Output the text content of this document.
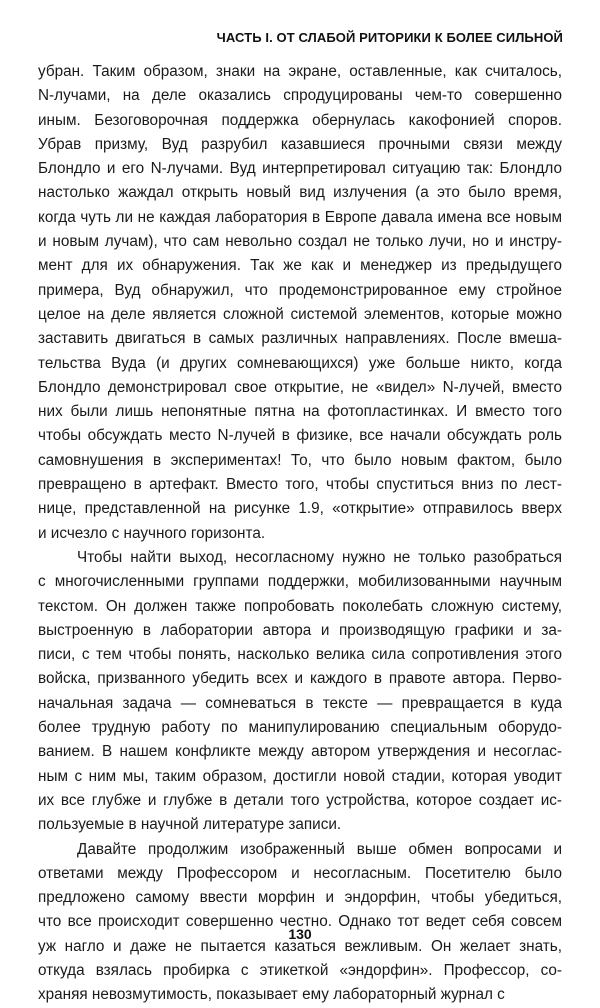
ЧАСТЬ I. ОТ СЛАБОЙ РИТОРИКИ К БОЛЕЕ СИЛЬНОЙ
убран. Таким образом, знаки на экране, оставленные, как считалось,
N-лучами, на деле оказались спродуцированы чем-то совершенно
иным. Безоговорочная поддержка обернулась какофонией споров.
Убрав призму, Вуд разрубил казавшиеся прочными связи между
Блондло и его N-лучами. Вуд интерпретировал ситуацию так: Блондло
настолько жаждал открыть новый вид излучения (а это было время,
когда чуть ли не каждая лаборатория в Европе давала имена все новым
и новым лучам), что сам невольно создал не только лучи, но и инстру-
мент для их обнаружения. Так же как и менеджер из предыдущего
примера, Вуд обнаружил, что продемонстрированное ему стройное
целое на деле является сложной системой элементов, которые можно
заставить двигаться в самых различных направлениях. После вмеша-
тельства Вуда (и других сомневающихся) уже больше никто, когда
Блондло демонстрировал свое открытие, не «видел» N-лучей, вместо
них были лишь непонятные пятна на фотопластинках. И вместо того
чтобы обсуждать место N-лучей в физике, все начали обсуждать роль
самовнушения в экспериментах! То, что было новым фактом, было
превращено в артефакт. Вместо того, чтобы спуститься вниз по лест-
нице, представленной на рисунке 1.9, «открытие» отправилось вверх
и исчезло с научного горизонта.
Чтобы найти выход, несогласному нужно не только разобраться
с многочисленными группами поддержки, мобилизованными научным
текстом. Он должен также попробовать поколебать сложную систему,
выстроенную в лаборатории автора и производящую графики и за-
писи, с тем чтобы понять, насколько велика сила сопротивления этого
войска, призванного убедить всех и каждого в правоте автора. Перво-
начальная задача — сомневаться в тексте — превращается в куда
более трудную работу по манипулированию специальным оборудо-
ванием. В нашем конфликте между автором утверждения и несоглас-
ным с ним мы, таким образом, достигли новой стадии, которая уводит
их все глубже и глубже в детали того устройства, которое создает ис-
пользуемые в научной литературе записи.
Давайте продолжим изображенный выше обмен вопросами и
ответами между Профессором и несогласным. Посетителю было
предложено самому ввести морфин и эндорфин, чтобы убедиться,
что все происходит совершенно честно. Однако тот ведет себя совсем
уж нагло и даже не пытается казаться вежливым. Он желает знать,
откуда взялась пробирка с этикеткой «эндорфин». Профессор, со-
храняя невозмутимость, показывает ему лабораторный журнал с
130
